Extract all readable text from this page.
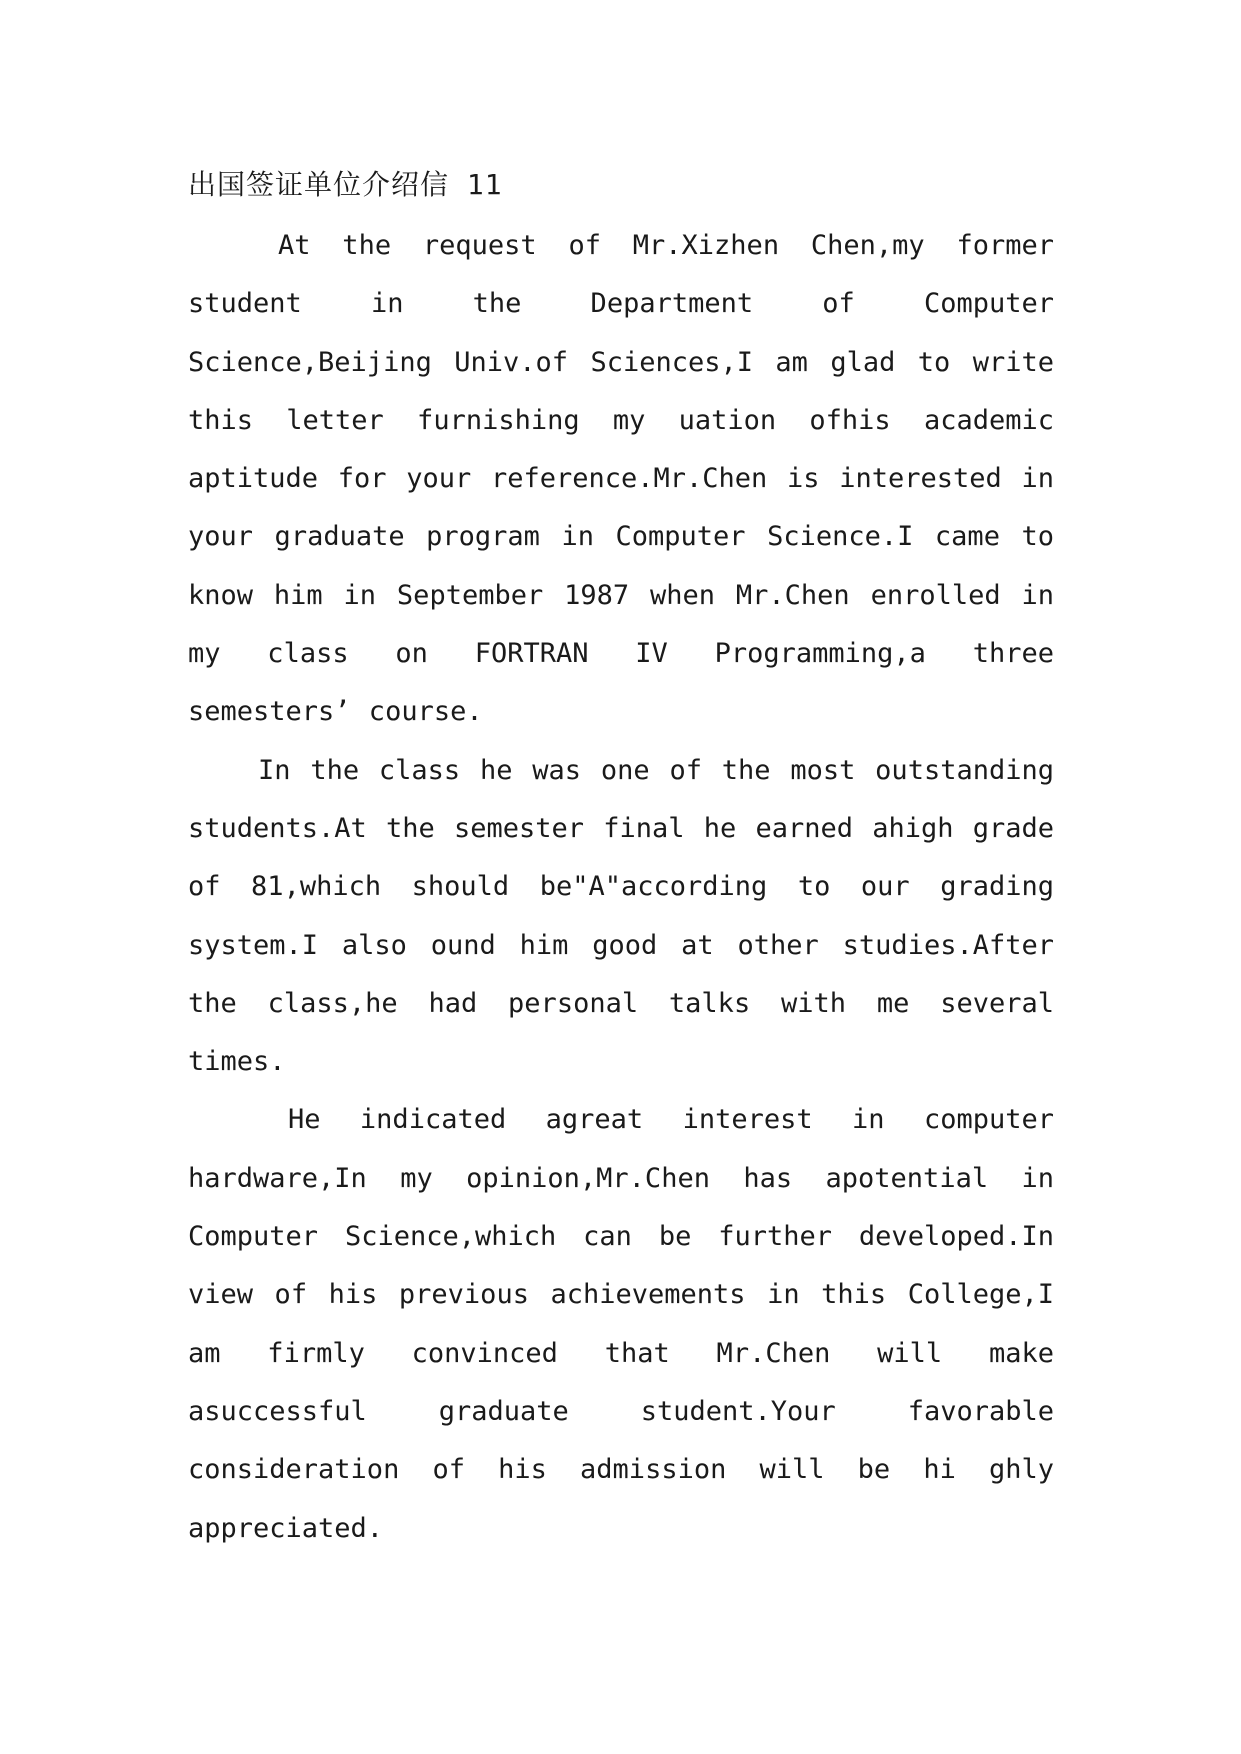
出国签证单位介绍信 11

At the request of Mr.Xizhen Chen,my former student in the Department of Computer Science,Beijing Univ.of Sciences,I am glad to write this letter furnishing my uation ofhis academic aptitude for your reference.Mr.Chen is interested in your graduate program in Computer Science.I came to know him in September 1987 when Mr.Chen enrolled in my class on FORTRAN IV Programming,a three semesters’ course.

In the class he was one of the most outstanding students.At the semester final he earned ahigh grade of 81,which should be"A"according to our grading system.I also ound him good at other studies.After the class,he had personal talks with me several times.

He indicated agreat interest in computer hardware,In my opinion,Mr.Chen has apotential in Computer Science,which can be further developed.In view of his previous achievements in this College,I am firmly convinced that Mr.Chen will make asuccessful graduate student.Your favorable consideration of his admission will be hi ghly appreciated.
